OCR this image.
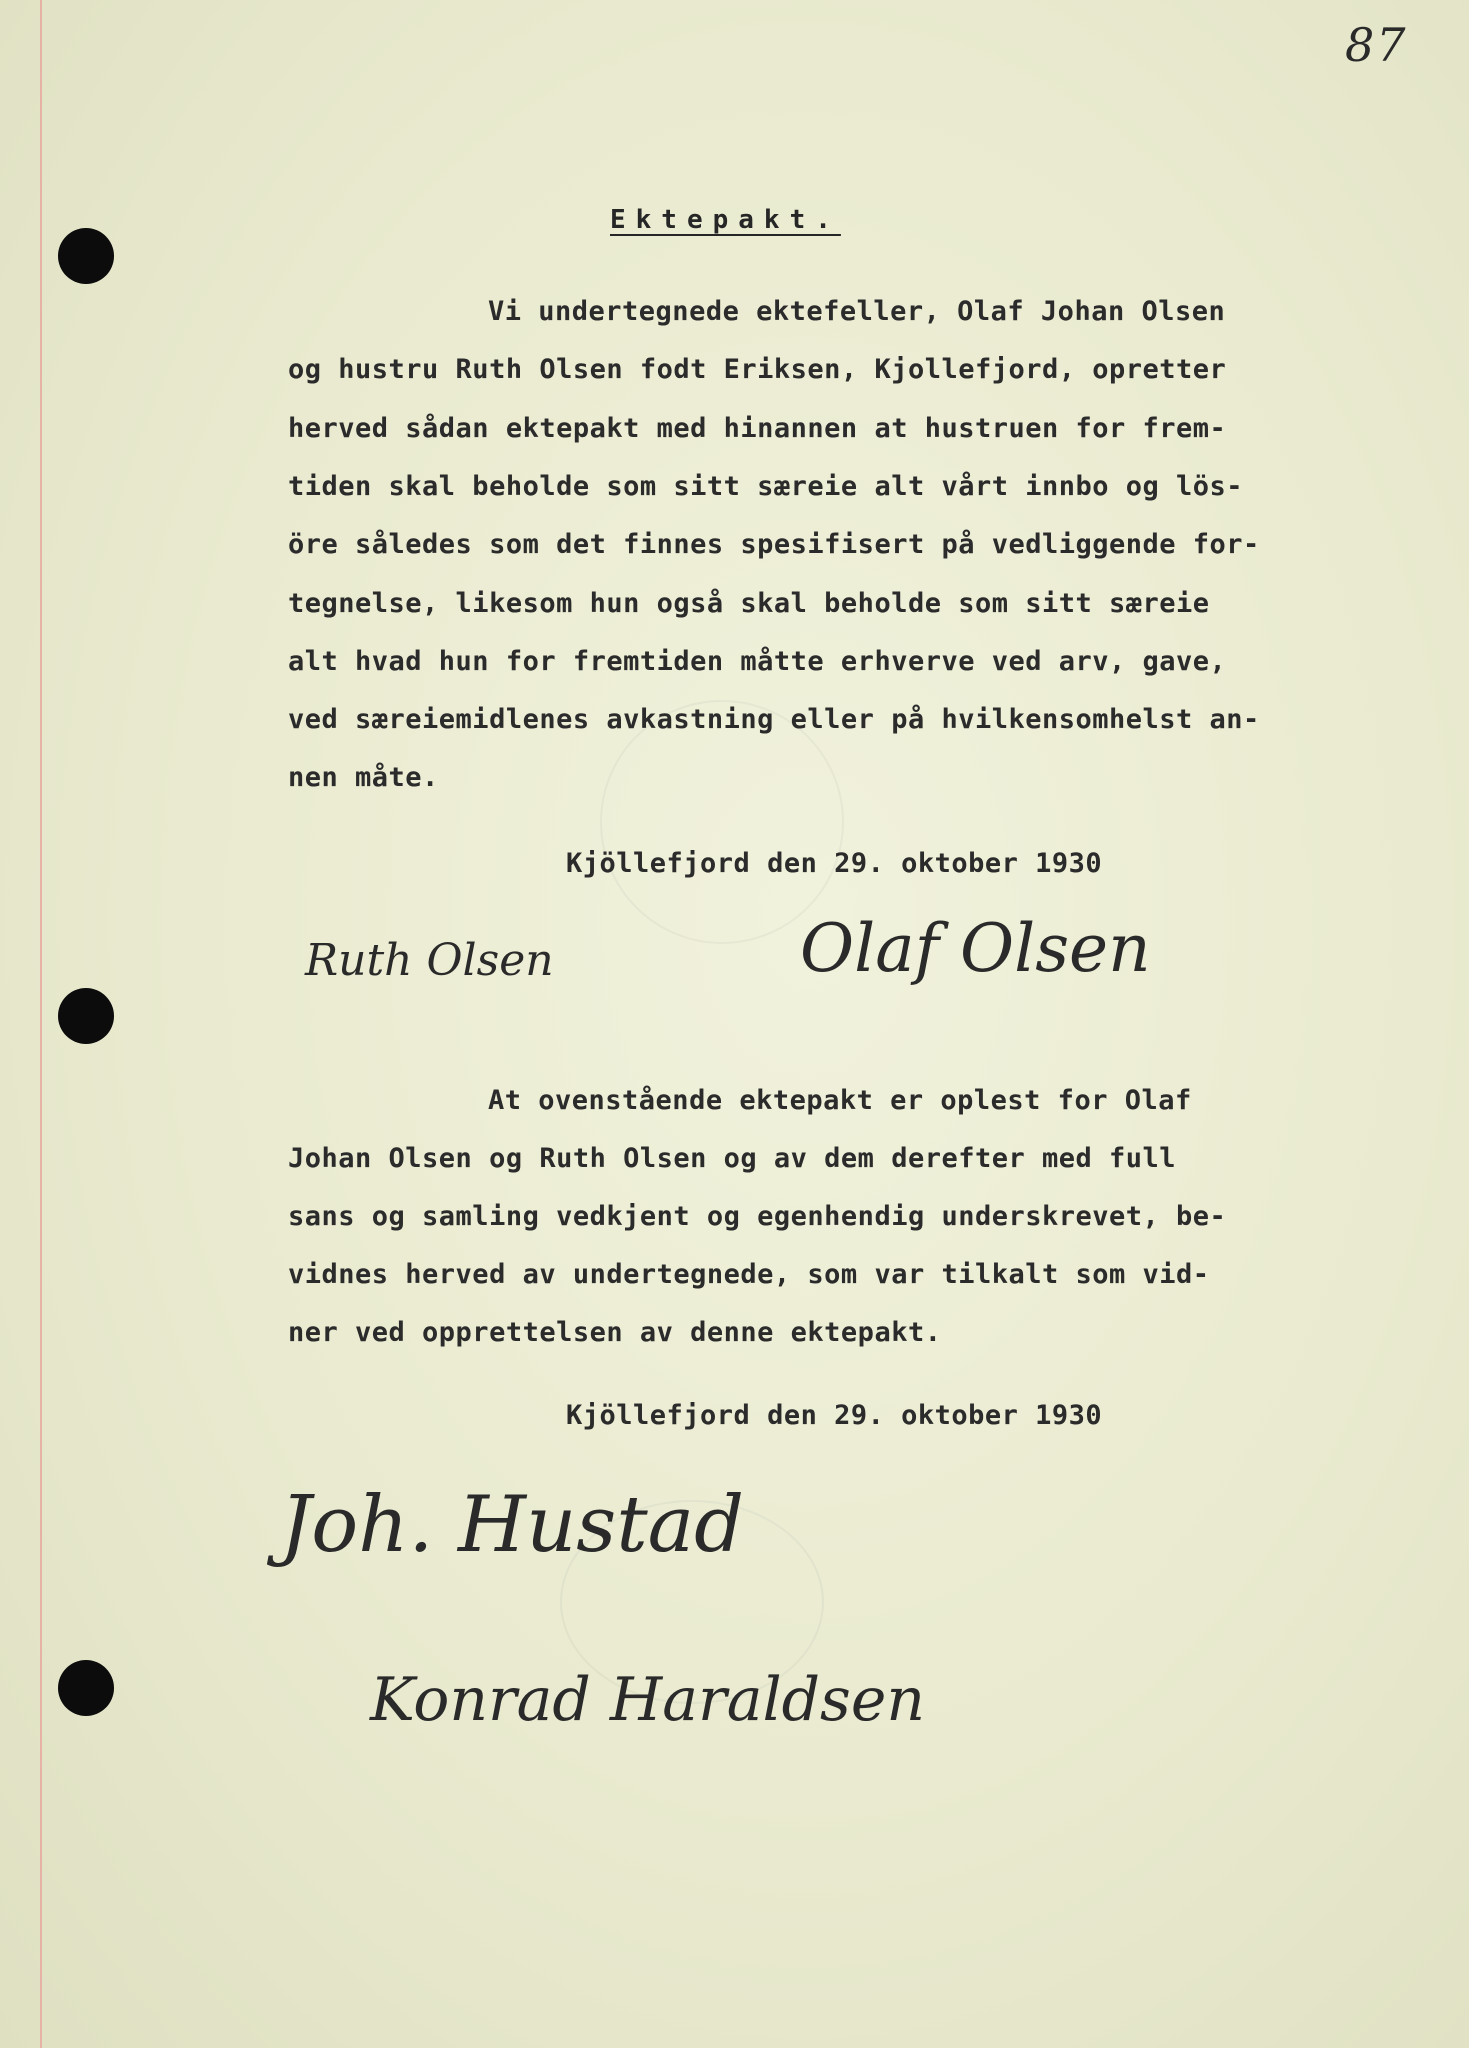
87
Ektepakt.
Vi undertegnede ektefeller, Olaf Johan Olsen
og hustru Ruth Olsen fodt Eriksen, Kjollefjord, opretter
herved sådan ektepakt med hinannen at hustruen for frem-
tiden skal beholde som sitt særeie alt vårt innbo og lös-
öre således som det finnes spesifisert på vedliggende for-
tegnelse, likesom hun også skal beholde som sitt særeie
alt hvad hun for fremtiden måtte erhverve ved arv, gave,
ved særeiemidlenes avkastning eller på hvilkensomhelst an-
nen måte.
Kjöllefjord den 29. oktober 1930
Ruth Olsen	Olaf Olsen
At ovenstående ektepakt er oplest for Olaf
Johan Olsen og Ruth Olsen og av dem derefter med full
sans og samling vedkjent og egenhendig underskrevet, be-
vidnes herved av undertegnede, som var tilkalt som vid-
ner ved opprettelsen av denne ektepakt.
Kjöllefjord den 29. oktober 1930
Joh. Hustad
Konrad Haraldsen
